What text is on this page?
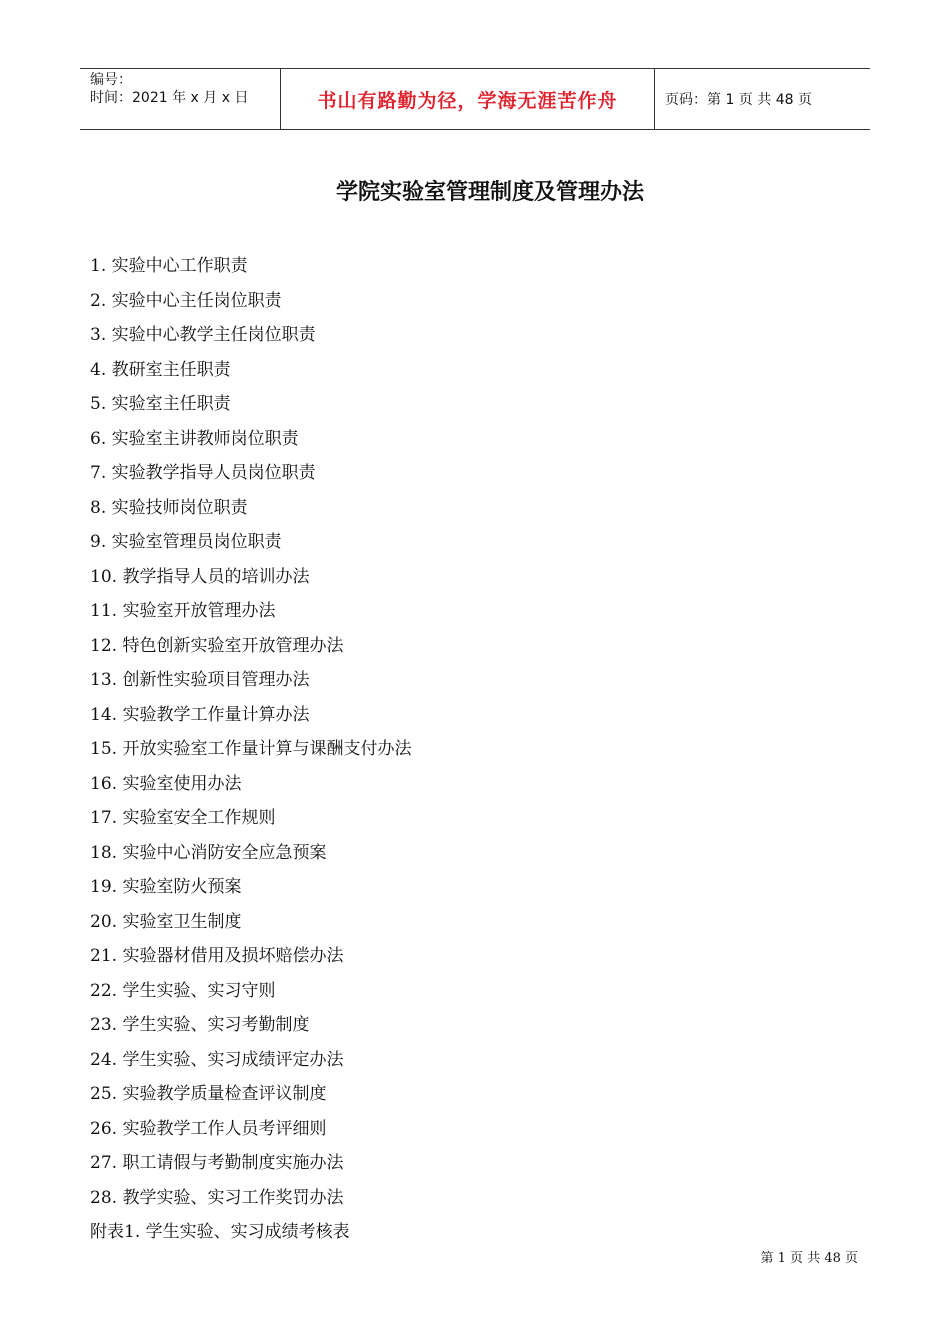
编号：
时间：2021 年 x 月 x 日	书山有路勤为径，学海无涯苦作舟	页码：第 1 页 共 48 页
学院实验室管理制度及管理办法
1. 实验中心工作职责
2. 实验中心主任岗位职责
3. 实验中心教学主任岗位职责
4. 教研室主任职责
5. 实验室主任职责
6. 实验室主讲教师岗位职责
7. 实验教学指导人员岗位职责
8. 实验技师岗位职责
9. 实验室管理员岗位职责
10. 教学指导人员的培训办法
11. 实验室开放管理办法
12. 特色创新实验室开放管理办法
13. 创新性实验项目管理办法
14. 实验教学工作量计算办法
15. 开放实验室工作量计算与课酬支付办法
16. 实验室使用办法
17. 实验室安全工作规则
18. 实验中心消防安全应急预案
19. 实验室防火预案
20. 实验室卫生制度
21. 实验器材借用及损坏赔偿办法
22. 学生实验、实习守则
23. 学生实验、实习考勤制度
24. 学生实验、实习成绩评定办法
25. 实验教学质量检查评议制度
26. 实验教学工作人员考评细则
27. 职工请假与考勤制度实施办法
28. 教学实验、实习工作奖罚办法
附表1. 学生实验、实习成绩考核表
第 1 页 共 48 页
